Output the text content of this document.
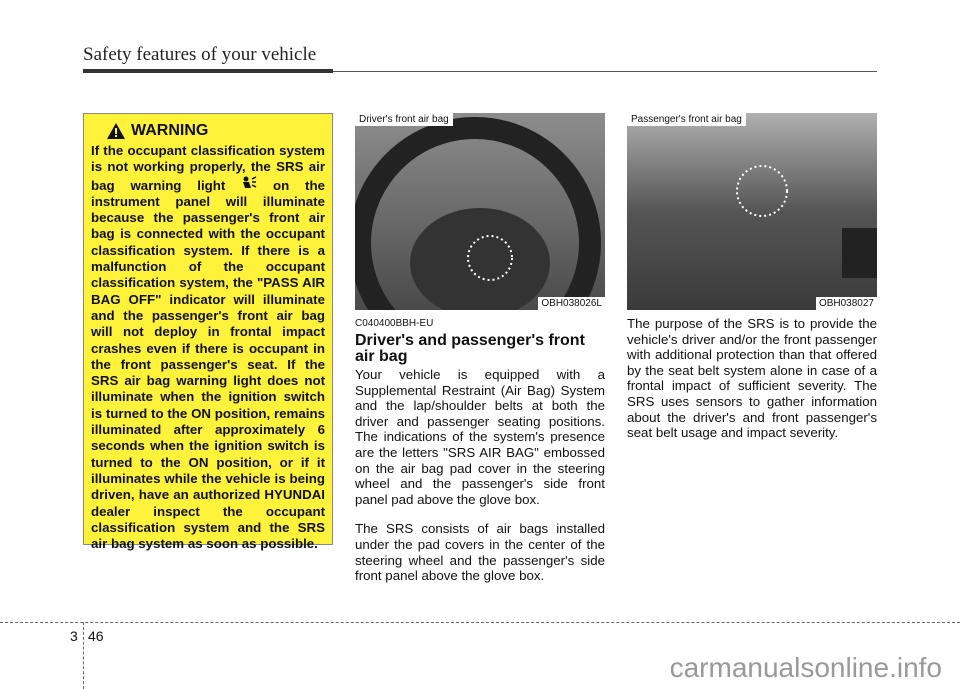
Safety features of your vehicle
WARNING
If the occupant classification system is not working properly, the SRS air bag warning light	on the instrument panel will illuminate because the passenger's front air bag is connected with the occupant classification system. If there is a malfunction of the occupant classification system, the "PASS AIR BAG OFF" indicator will illuminate and the passenger's front air bag will not deploy in frontal impact crashes even if there is occupant in the front passenger's seat. If the SRS air bag warning light does not illuminate when the ignition switch is turned to the ON position, remains illuminated after approximately 6 seconds when the ignition switch is turned to the ON position, or if it illuminates while the vehicle is being driven, have an authorized HYUNDAI dealer inspect the occupant classification system and the SRS air bag system as soon as possible.
Driver's front air bag
OBH038026L
C040400BBH-EU
Driver's and passenger's front air bag

Your vehicle is equipped with a Supplemental Restraint (Air Bag) System and the lap/shoulder belts at both the driver and passenger seating positions. The indications of the system's presence are the letters "SRS AIR BAG" embossed on the air bag pad cover in the steering wheel and the passenger's side front panel pad above the glove box.

The SRS consists of air bags installed under the pad covers in the center of the steering wheel and the passenger's side front panel above the glove box.

Passenger's front air bag
OBH038027

The purpose of the SRS is to provide the vehicle's driver and/or the front passenger with additional protection than that offered by the seat belt system alone in case of a frontal impact of sufficient severity. The SRS uses sensors to gather information about the driver's and front passenger's seat belt usage and impact severity.

3 46
carmanualsonline.info
